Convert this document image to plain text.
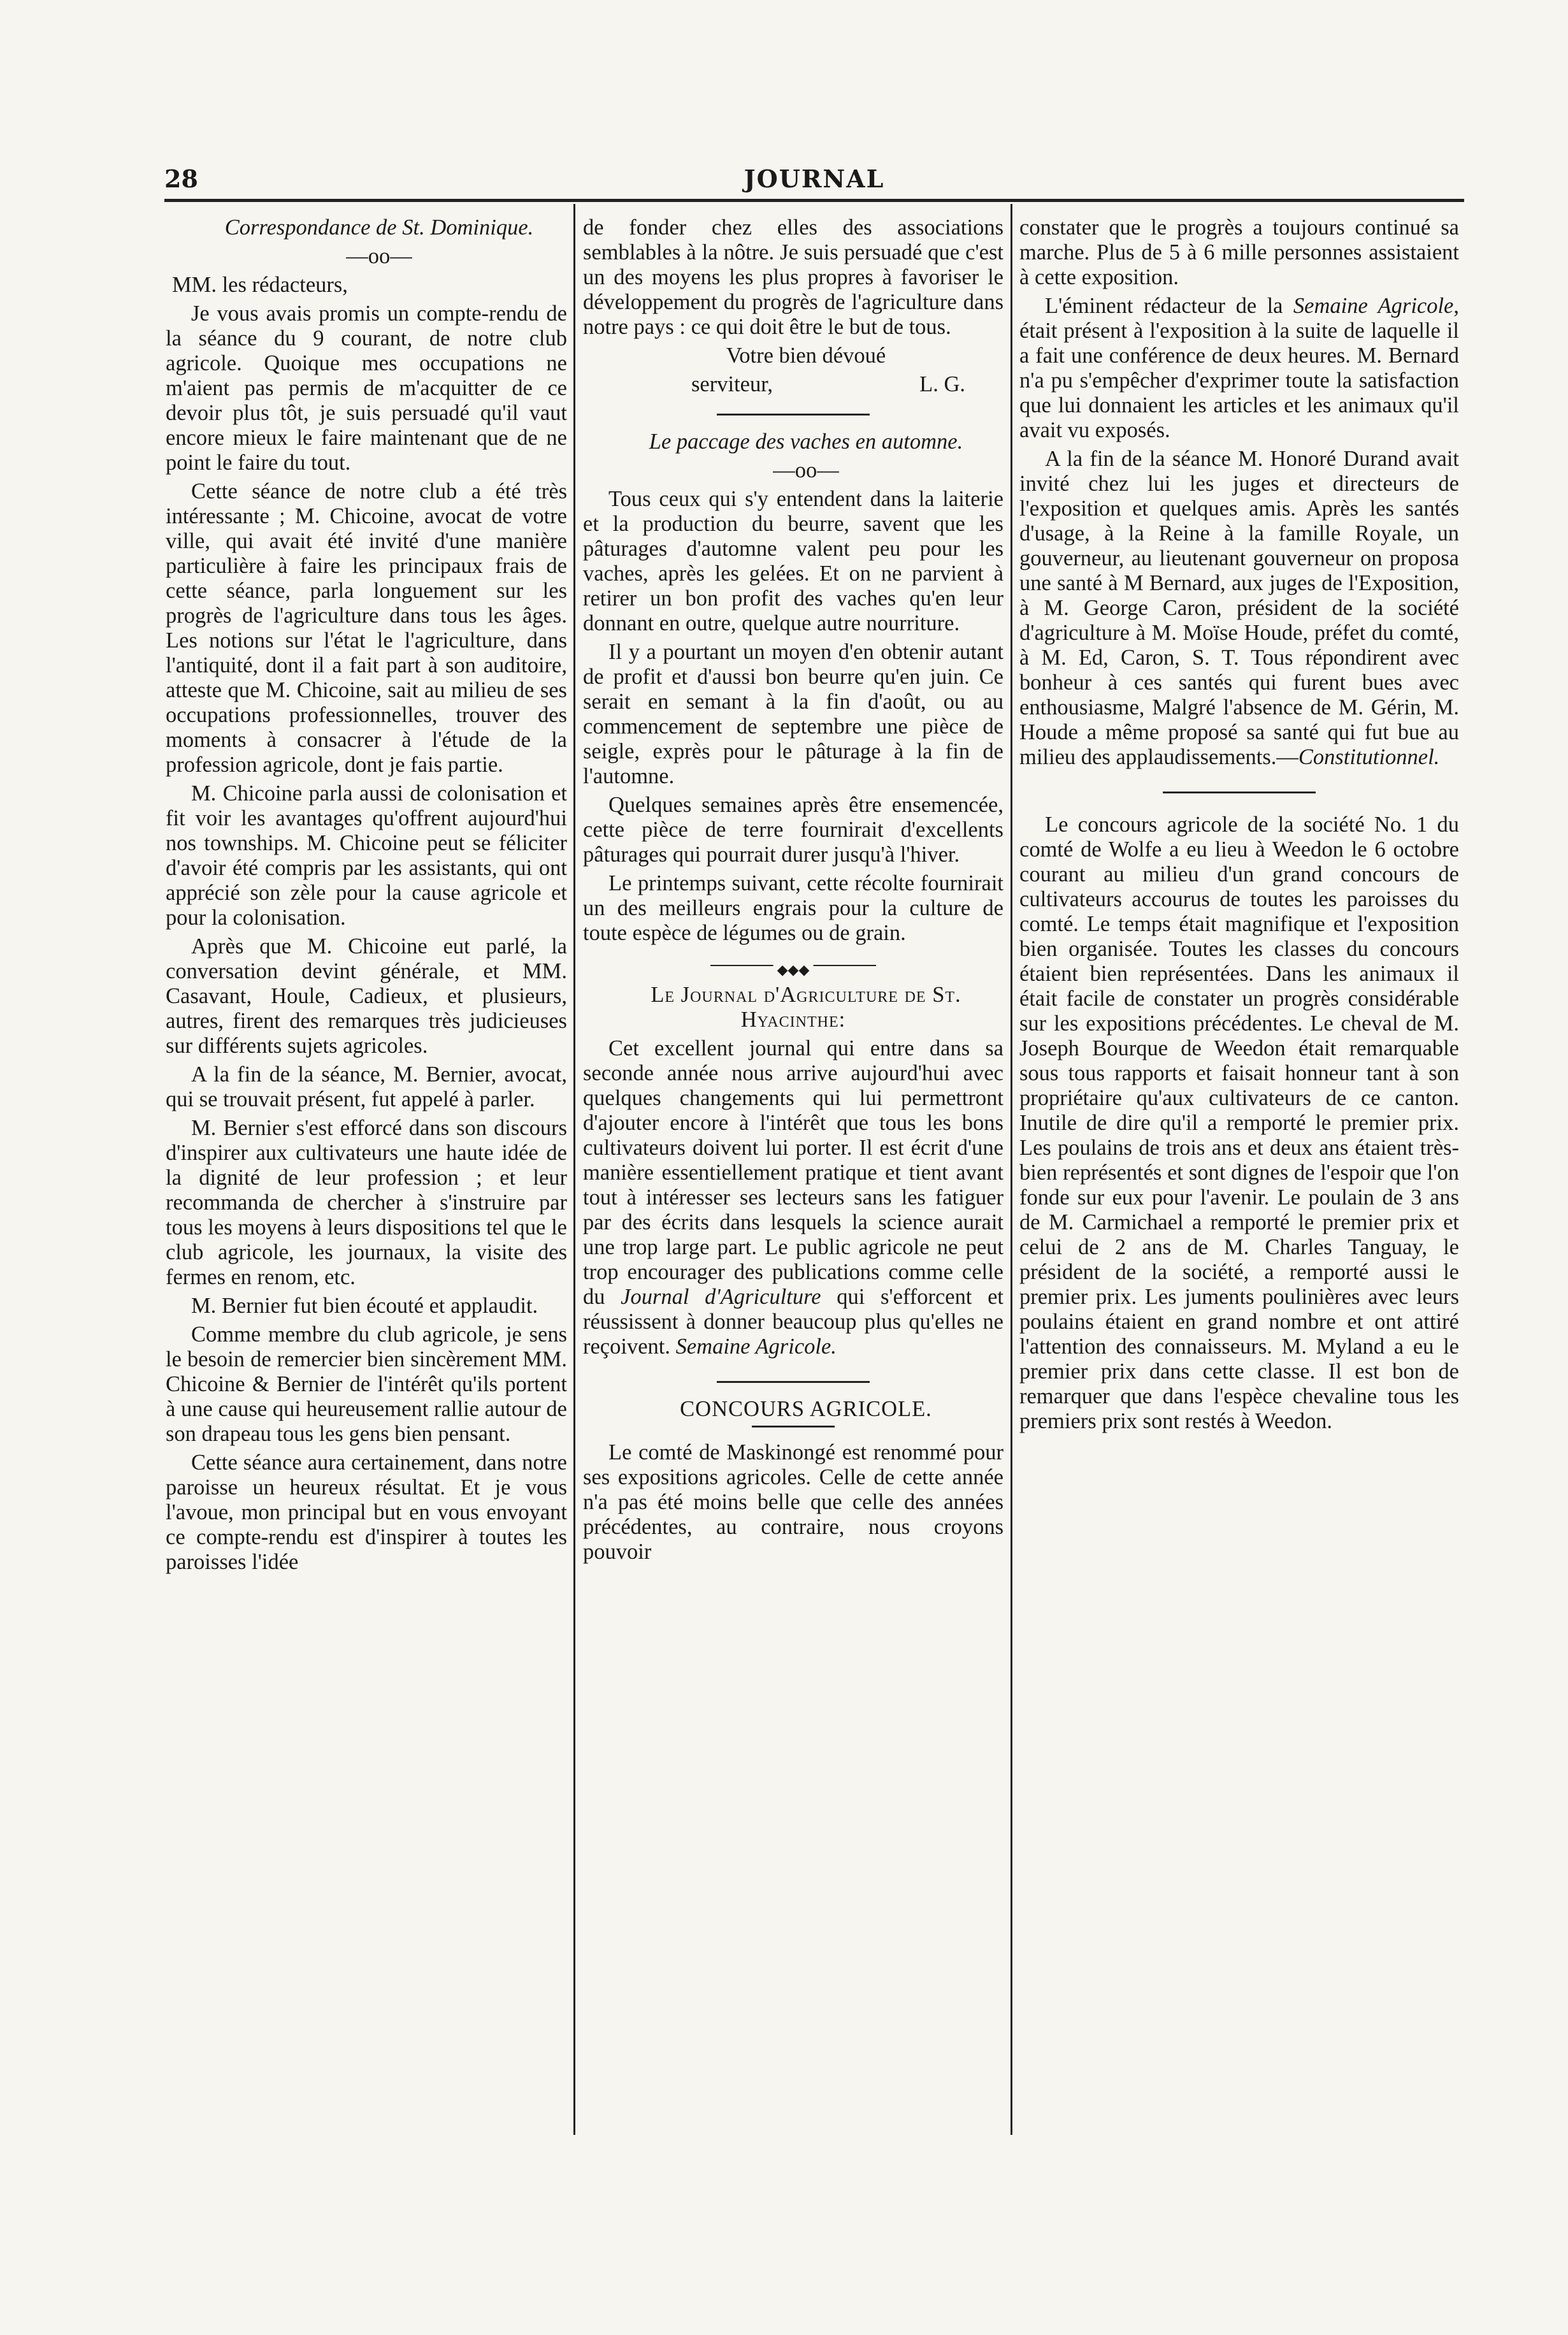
28	JOURNAL

Correspondance de St. Dominique.

—oo—

MM. les rédacteurs,

Je vous avais promis un compte-rendu de la séance du 9 courant, de notre club agricole. Quoique mes occupations ne m'aient pas permis de m'acquitter de ce devoir plus tôt, je suis persuadé qu'il vaut encore mieux le faire maintenant que de ne point le faire du tout.

Cette séance de notre club a été très intéressante ; M. Chicoine, avocat de votre ville, qui avait été invité d'une manière particulière à faire les principaux frais de cette séance, parla longuement sur les progrès de l'agriculture dans tous les âges. Les notions sur l'état le l'agriculture, dans l'antiquité, dont il a fait part à son auditoire, atteste que M. Chicoine, sait au milieu de ses occupations professionnelles, trouver des moments à consacrer à l'étude de la profession agricole, dont je fais partie.

M. Chicoine parla aussi de colonisation et fit voir les avantages qu'offrent aujourd'hui nos townships. M. Chicoine peut se féliciter d'avoir été compris par les assistants, qui ont apprécié son zèle pour la cause agricole et pour la colonisation.

Après que M. Chicoine eut parlé, la conversation devint générale, et MM. Casavant, Houle, Cadieux, et plusieurs, autres, firent des remarques très judicieuses sur différents sujets agricoles.

A la fin de la séance, M. Bernier, avocat, qui se trouvait présent, fut appelé à parler.

M. Bernier s'est efforcé dans son discours d'inspirer aux cultivateurs une haute idée de la dignité de leur profession ; et leur recommanda de chercher à s'instruire par tous les moyens à leurs dispositions tel que le club agricole, les journaux, la visite des fermes en renom, etc.

M. Bernier fut bien écouté et applaudit.

Comme membre du club agricole, je sens le besoin de remercier bien sincèrement MM. Chicoine & Bernier de l'intérêt qu'ils portent à une cause qui heureusement rallie autour de son drapeau tous les gens bien pensant.

Cette séance aura certainement, dans notre paroisse un heureux résultat. Et je vous l'avoue, mon principal but en vous envoyant ce compte-rendu est d'inspirer à toutes les paroisses l'idée

de fonder chez elles des associations semblables à la nôtre. Je suis persuadé que c'est un des moyens les plus propres à favoriser le développement du progrès de l'agriculture dans notre pays : ce qui doit être le but de tous.

Votre bien dévoué

serviteur,	L. G.

Le paccage des vaches en automne.

—oo—

Tous ceux qui s'y entendent dans la laiterie et la production du beurre, savent que les pâturages d'automne valent peu pour les vaches, après les gelées. Et on ne parvient à retirer un bon profit des vaches qu'en leur donnant en outre, quelque autre nourriture.

Il y a pourtant un moyen d'en obtenir autant de profit et d'aussi bon beurre qu'en juin. Ce serait en semant à la fin d'août, ou au commencement de septembre une pièce de seigle, exprès pour le pâturage à la fin de l'automne.

Quelques semaines après être ensemencée, cette pièce de terre fournirait d'excellents pâturages qui pourrait durer jusqu'à l'hiver.

Le printemps suivant, cette récolte fournirait un des meilleurs engrais pour la culture de toute espèce de légumes ou de grain.

◆◆◆

Le Journal d'Agriculture de St. Hyacinthe:

Cet excellent journal qui entre dans sa seconde année nous arrive aujourd'hui avec quelques changements qui lui permettront d'ajouter encore à l'intérêt que tous les bons cultivateurs doivent lui porter. Il est écrit d'une manière essentiellement pratique et tient avant tout à intéresser ses lecteurs sans les fatiguer par des écrits dans lesquels la science aurait une trop large part. Le public agricole ne peut trop encourager des publications comme celle du Journal d'Agriculture qui s'efforcent et réussissent à donner beaucoup plus qu'elles ne reçoivent. Semaine Agricole.

CONCOURS AGRICOLE.

Le comté de Maskinongé est renommé pour ses expositions agricoles. Celle de cette année n'a pas été moins belle que celle des années précédentes, au contraire, nous croyons pouvoir

constater que le progrès a toujours continué sa marche. Plus de 5 à 6 mille personnes assistaient à cette exposition.

L'éminent rédacteur de la Semaine Agricole, était présent à l'exposition à la suite de laquelle il a fait une conférence de deux heures. M. Bernard n'a pu s'empêcher d'exprimer toute la satisfaction que lui donnaient les articles et les animaux qu'il avait vu exposés.

A la fin de la séance M. Honoré Durand avait invité chez lui les juges et directeurs de l'exposition et quelques amis. Après les santés d'usage, à la Reine à la famille Royale, un gouverneur, au lieutenant gouverneur on proposa une santé à M Bernard, aux juges de l'Exposition, à M. George Caron, président de la société d'agriculture à M. Moïse Houde, préfet du comté, à M. Ed, Caron, S. T. Tous répondirent avec bonheur à ces santés qui furent bues avec enthousiasme, Malgré l'absence de M. Gérin, M. Houde a même proposé sa santé qui fut bue au milieu des applaudissements.—Constitutionnel.

Le concours agricole de la société No. 1 du comté de Wolfe a eu lieu à Weedon le 6 octobre courant au milieu d'un grand concours de cultivateurs accourus de toutes les paroisses du comté. Le temps était magnifique et l'exposition bien organisée. Toutes les classes du concours étaient bien représentées. Dans les animaux il était facile de constater un progrès considérable sur les expositions précédentes. Le cheval de M. Joseph Bourque de Weedon était remarquable sous tous rapports et faisait honneur tant à son propriétaire qu'aux cultivateurs de ce canton. Inutile de dire qu'il a remporté le premier prix. Les poulains de trois ans et deux ans étaient très-bien représentés et sont dignes de l'espoir que l'on fonde sur eux pour l'avenir. Le poulain de 3 ans de M. Carmichael a remporté le premier prix et celui de 2 ans de M. Charles Tanguay, le président de la société, a remporté aussi le premier prix. Les juments poulinières avec leurs poulains étaient en grand nombre et ont attiré l'attention des connaisseurs. M. Myland a eu le premier prix dans cette classe. Il est bon de remarquer que dans l'espèce chevaline tous les premiers prix sont restés à Weedon.
